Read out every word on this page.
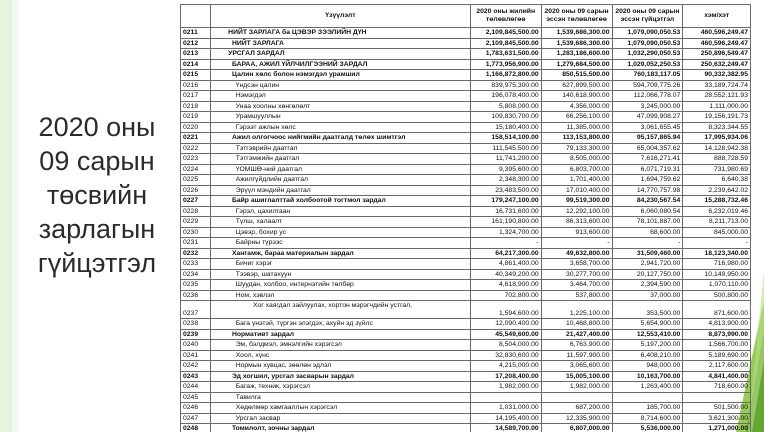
2020 оны 09 сарын төсвийн зарлагын гүйцэтгэл
	Үзүүлэлт	2020 оны жилийн төлөвлөгөө	2020 оны 09 сарын эссэн төлөвлөгөө	2020 оны 09 сарын эссэн гүйцэтгэл	хэм/хэт
0211	НИЙТ ЗАРЛАГА ба ЦЭВЭР ЗЭЭЛИЙН ДҮН	2,109,845,500.00	1,539,686,300.00	1,079,090,050.53	460,596,249.47
0212	НИЙТ ЗАРЛАГА	2,109,845,500.00	1,539,686,300.00	1,079,090,050.53	460,596,249.47
0213	УРСГАЛ ЗАРДАЛ	1,783,631,500.00	1,283,186,600.00	1,032,290,050.53	250,896,549.47
0214	БАРАА, АЖИЛ ҮЙЛЧИЛГЭЭНИЙ ЗАРДАЛ	1,773,956,900.00	1,279,684,500.00	1,029,052,250.53	250,632,249.47
0215	Цалин хөлс болон нэмэгдэл урамшил	1,166,872,800.00	850,515,500.00	760,183,117.05	90,332,382.95
0216	Үндсэн цалин	839,975,300.00	627,899,500.00	594,709,775.26	33,189,724.74
0217	Нэмэгдэл	196,078,400.00	140,618,900.00	112,066,778.07	28,552,121.93
0218	Унаа хоолны хөнгөлөлт	5,808,000.00	4,356,000.00	3,245,000.00	1,111,000.00
0219	Урамшууллын	109,830,700.00	66,256,100.00	47,099,908.27	19,156,191.73
0220	Гэрээт ажлын хөлс	15,180,400.00	11,385,000.00	3,061,655.45	8,323,344.55
0221	Ажил олгогчоос нийгмийн даатгалд төлөх шимтгэл	158,514,100.00	113,153,800.00	95,157,865.94	17,995,934.06
0222	Тэтгэврийн даатгал	111,545,500.00	79,133,300.00	65,004,357.62	14,128,942.38
0223	Тэтгэмжийн даатгал	11,741,200.00	8,505,000.00	7,616,271.41	888,728.59
0224	ҮОМШӨ-ний даатгал	9,395,600.00	6,803,700.00	6,071,719.31	731,980.69
0225	Ажилгүйдлийн даатгал	2,348,300.00	1,701,400.00	1,694,759.62	6,640.38
0226	Эрүүл мэндийн даатгал	23,483,500.00	17,010,400.00	14,770,757.98	2,239,642.02
0227	Байр ашиглалттай холбоотой тогтмол зардал	179,247,100.00	99,519,300.00	84,230,567.54	15,288,732.46
0228	Гэрэл, цахилгаан	16,731,600.00	12,292,100.00	6,060,080.54	6,232,019.46
0229	Түлш, халаалт	161,190,800.00	86,313,600.00	78,101,887.00	8,211,713.00
0230	Цэвэр, бохир ус	1,324,700.00	913,600.00	68,600.00	845,000.00
0231	Байрны түрээс	-	-	-	-
0232	Хангамж, бараа материалын зардал	64,217,300.00	49,632,800.00	31,509,460.00	18,123,340.00
0233	Бичиг хэрэг	4,861,400.00	3,658,700.00	2,941,720.00	716,980.00
0234	Тээвэр, шатахуун	40,349,200.00	30,277,700.00	20,127,750.00	10,149,950.00
0235	Шуудан, холбоо, интернэтийн төлбөр	4,618,900.00	3,464,700.00	2,394,590.00	1,070,110.00
0236	Ном, хэвлэл	702,800.00	537,800.00	37,000.00	500,800.00
0237	Хог хаягдал зайлуулах, хортон мэрэгчдийн устгал,	1,594,600.00	1,225,100.00	353,500.00	871,600.00
0238	Бага үнэтэй, түргэн элэгдэх, ахуйн эд зүйлс	12,090,400.00	10,468,800.00	5,654,900.00	4,813,900.00
0239	Нормативт зардал	45,549,600.00	21,427,400.00	12,553,410.00	8,873,990.00
0240	Эм, бэлдмэл, эмнэлгийн хэрэгсэл	8,504,000.00	6,763,900.00	5,197,200.00	1,566,700.00
0241	Хоол, хүнс	32,830,600.00	11,597,900.00	6,408,210.00	5,189,690.00
0242	Нормын хувцас, зөөлөн эдлэл	4,215,000.00	3,065,600.00	948,000.00	2,117,600.00
0243	Эд хогшил, урсгал засварын зардал	17,208,400.00	15,005,100.00	10,163,700.00	4,841,400.00
0244	Багаж, техник, хэрэгсэл	1,982,000.00	1,982,000.00	1,263,400.00	718,600.00
0245	Тавилга				
0246	Хөдөлмөр хамгааллын хэрэгсэл	1,031,000.00	687,200.00	185,700.00	501,500.00
0247	Урсгал засвар	14,195,400.00	12,335,900.00	8,714,600.00	3,621,300.00
0248	Томилолт, зочны зардал	14,589,700.00	6,807,000.00	5,536,000.00	1,271,000.00
